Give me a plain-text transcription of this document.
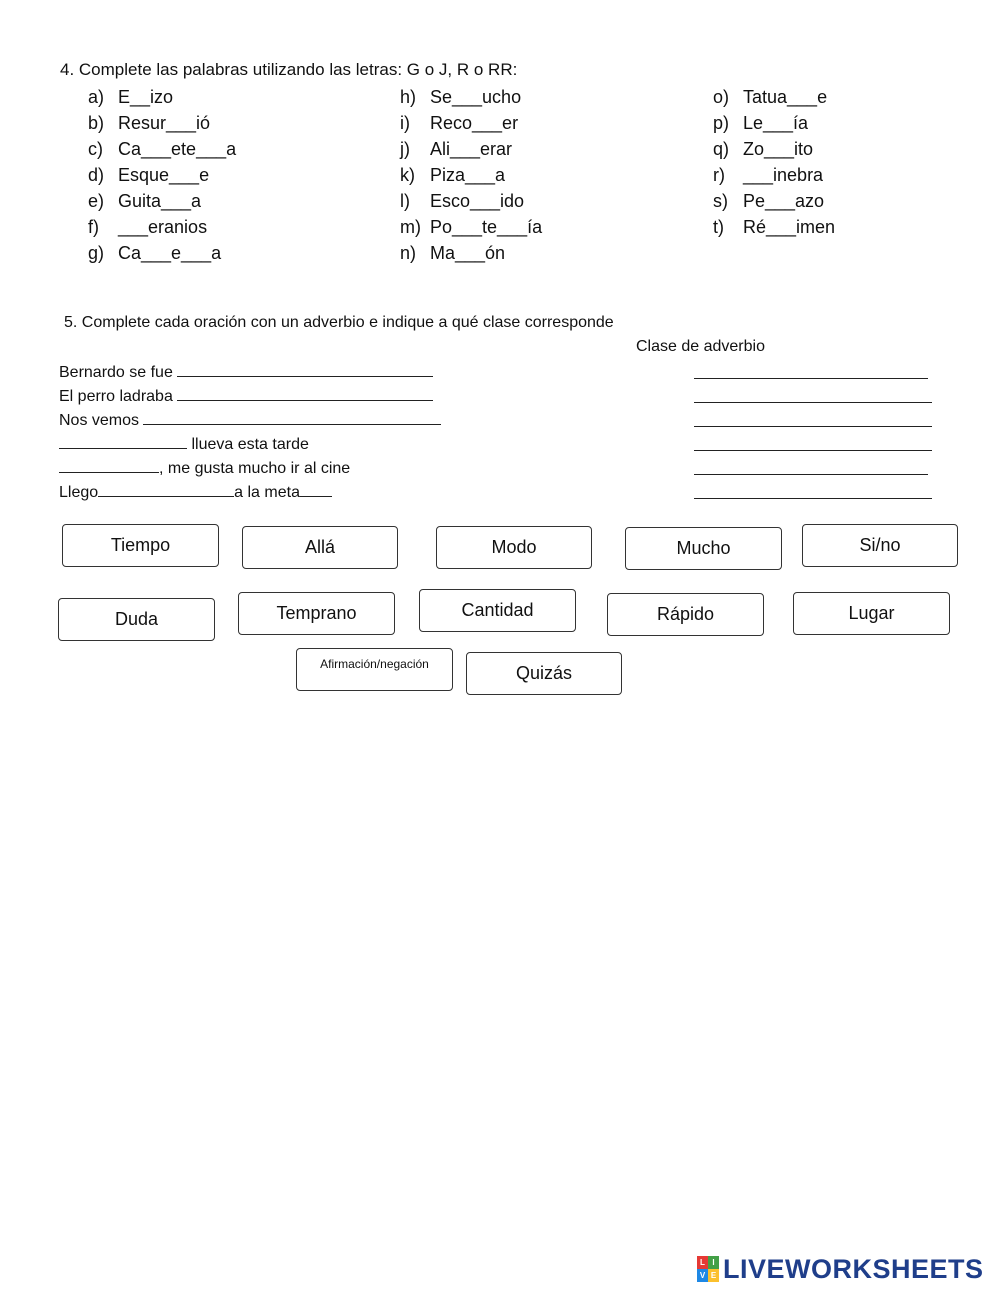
4. Complete las palabras utilizando las letras: G o J, R o RR:
a) E__izo
b) Resur___ió
c) Ca___ete___a
d) Esque___e
e) Guita___a
f) ___eranios
g) Ca___e___a
h) Se___ucho
i) Reco___er
j) Ali___erar
k) Piza___a
l) Esco___ido
m) Po___te___ía
n) Ma___ón
o) Tatua___e
p) Le___ía
q) Zo___ito
r) ___inebra
s) Pe___azo
t) Ré___imen
5. Complete cada oración con un adverbio e indique a qué clase corresponde
Clase de adverbio
Bernardo se fue
El perro ladraba
Nos vemos
llueva esta tarde
, me gusta mucho ir al cine
Llego	a la meta
Tiempo	Allá	Modo	Mucho	Si/no
Duda	Temprano	Cantidad	Rápido	Lugar
Afirmación/negación	Quizás
L I
V E LIVEWORKSHEETS
